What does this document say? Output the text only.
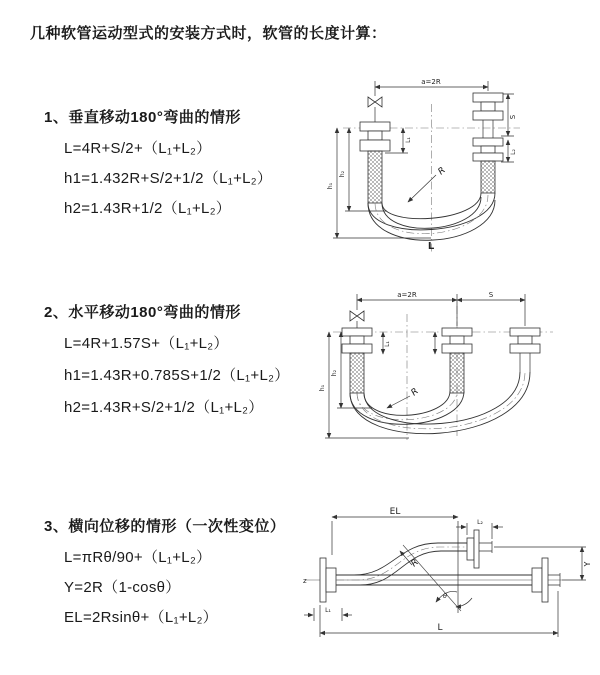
几种软管运动型式的安装方式时，软管的长度计算：
1、垂直移动180°弯曲的情形
L=4R+S/2+（L₁+L₂）
h1=1.432R+S/2+1/2（L₁+L₂）
h2=1.43R+1/2（L₁+L₂）
a=2R
S
L₂
L₁
h₁
h₂	R
L
2、水平移动180°弯曲的情形
L=4R+1.57S+（L₁+L₂）
h1=1.43R+0.785S+1/2（L₁+L₂）
h2=1.43R+S/2+1/2（L₁+L₂）
a=2R	S
h₁
h₂
L₁
R
3、横向位移的情形（一次性变位）
L=πRθ/90+（L₁+L₂）
Y=2R（1-cosθ）
EL=2Rsinθ+（L₁+L₂）
EL
L₂
Y
L
L₁
z
θ
R
